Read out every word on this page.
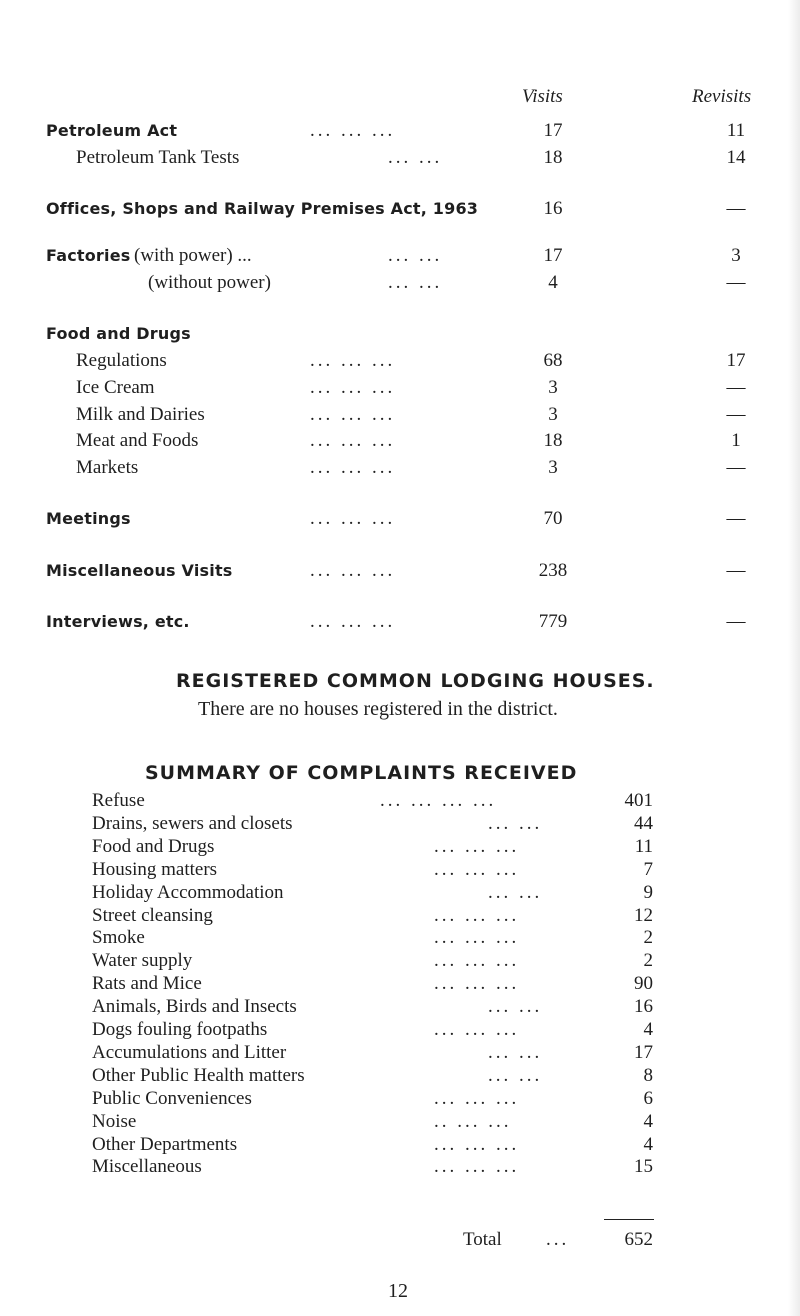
Visits	Revisits
Petroleum Act	... ... ...	17	11
Petroleum Tank Tests	... ...	18	14
Offices, Shops and Railway Premises Act, 1963	16	—
Factories (with power) ...	... ...	17	3
(without power)	... ...	4	—
Food and Drugs
Regulations	... ... ...	68	17
Ice Cream	... ... ...	3	—
Milk and Dairies	... ... ...	3	—
Meat and Foods	... ... ...	18	1
Markets	... ... ...	3	—
Meetings	... ... ...	70	—
Miscellaneous Visits	... ... ...	238	—
Interviews, etc.	... ... ...	779	—
REGISTERED COMMON LODGING HOUSES.
There are no houses registered in the district.
SUMMARY OF COMPLAINTS RECEIVED
Refuse	... ... ... ...	401
Drains, sewers and closets	... ...	44
Food and Drugs	... ... ...	11
Housing matters	... ... ...	7
Holiday Accommodation	... ...	9
Street cleansing	... ... ...	12
Smoke	... ... ...	2
Water supply	... ... ...	2
Rats and Mice	... ... ...	90
Animals, Birds and Insects	... ...	16
Dogs fouling footpaths	... ... ...	4
Accumulations and Litter	... ...	17
Other Public Health matters	... ...	8
Public Conveniences	... ... ...	6
Noise	.. ... ...	4
Other Departments	... ... ...	4
Miscellaneous	... ... ...	15
Total ...	652
12
